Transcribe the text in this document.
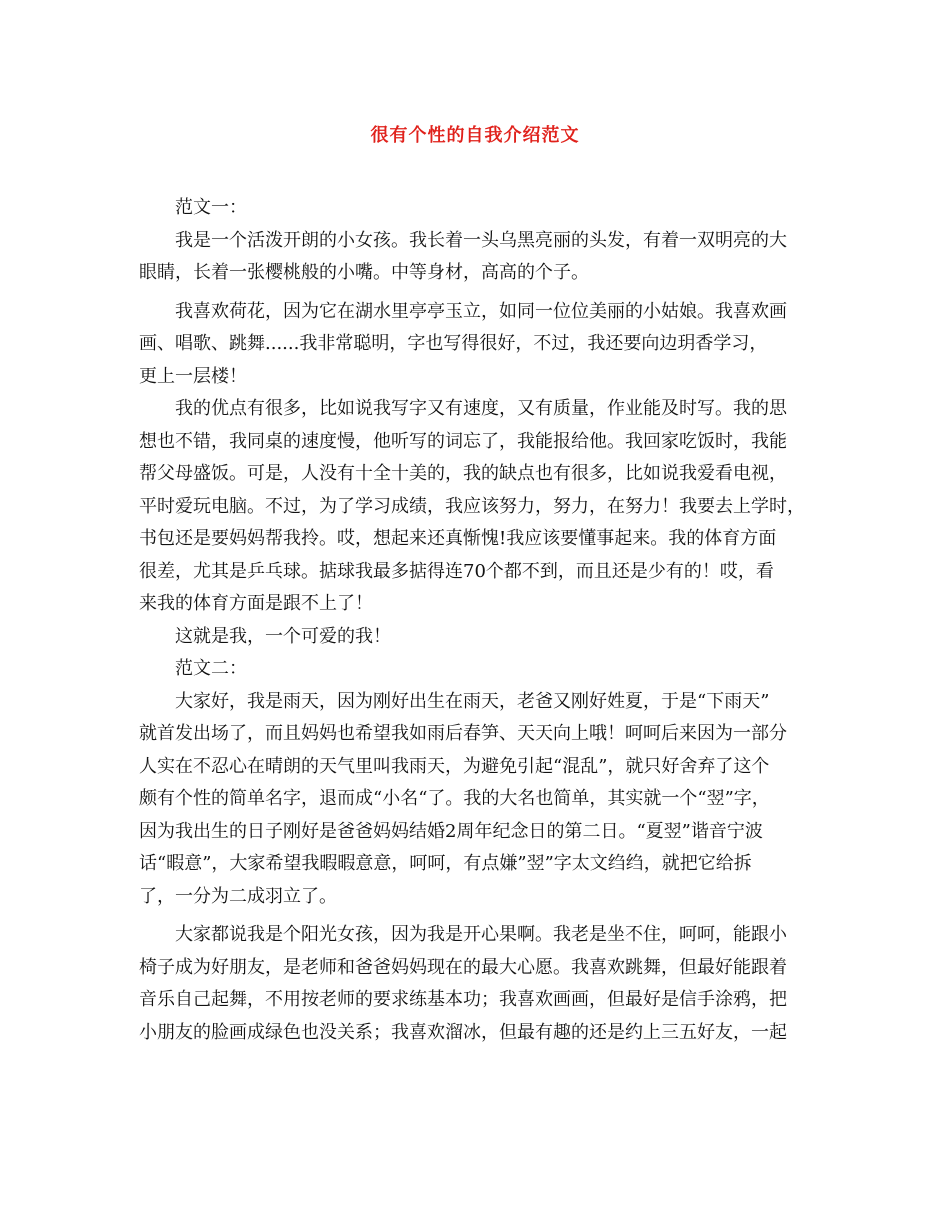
很有个性的自我介绍范文
范文一：
我是一个活泼开朗的小女孩。我长着一头乌黑亮丽的头发，有着一双明亮的大
眼睛，长着一张樱桃般的小嘴。中等身材，高高的个子。
我喜欢荷花，因为它在湖水里亭亭玉立，如同一位位美丽的小姑娘。我喜欢画
画、唱歌、跳舞......我非常聪明，字也写得很好，不过，我还要向边玥香学习，
更上一层楼！
我的优点有很多，比如说我写字又有速度，又有质量，作业能及时写。我的思
想也不错，我同桌的速度慢，他听写的词忘了，我能报给他。我回家吃饭时，我能
帮父母盛饭。可是，人没有十全十美的，我的缺点也有很多，比如说我爱看电视，
平时爱玩电脑。不过，为了学习成绩，我应该努力，努力，在努力！我要去上学时，
书包还是要妈妈帮我拎。哎，想起来还真惭愧!我应该要懂事起来。我的体育方面
很差，尤其是乒乓球。掂球我最多掂得连70个都不到，而且还是少有的！哎，看
来我的体育方面是跟不上了！
这就是我，一个可爱的我！
范文二：
大家好，我是雨天，因为刚好出生在雨天，老爸又刚好姓夏，于是“下雨天”
就首发出场了，而且妈妈也希望我如雨后春笋、天天向上哦！呵呵后来因为一部分
人实在不忍心在晴朗的天气里叫我雨天，为避免引起“混乱”，就只好舍弃了这个
颇有个性的简单名字，退而成“小名“了。我的大名也简单，其实就一个“翌”字，
因为我出生的日子刚好是爸爸妈妈结婚2周年纪念日的第二日。“夏翌”谐音宁波
话“暇意”，大家希望我暇暇意意，呵呵，有点嫌”翌”字太文绉绉，就把它给拆
了，一分为二成羽立了。
大家都说我是个阳光女孩，因为我是开心果啊。我老是坐不住，呵呵，能跟小
椅子成为好朋友，是老师和爸爸妈妈现在的最大心愿。我喜欢跳舞，但最好能跟着
音乐自己起舞，不用按老师的要求练基本功；我喜欢画画，但最好是信手涂鸦，把
小朋友的脸画成绿色也没关系；我喜欢溜冰，但最有趣的还是约上三五好友，一起
